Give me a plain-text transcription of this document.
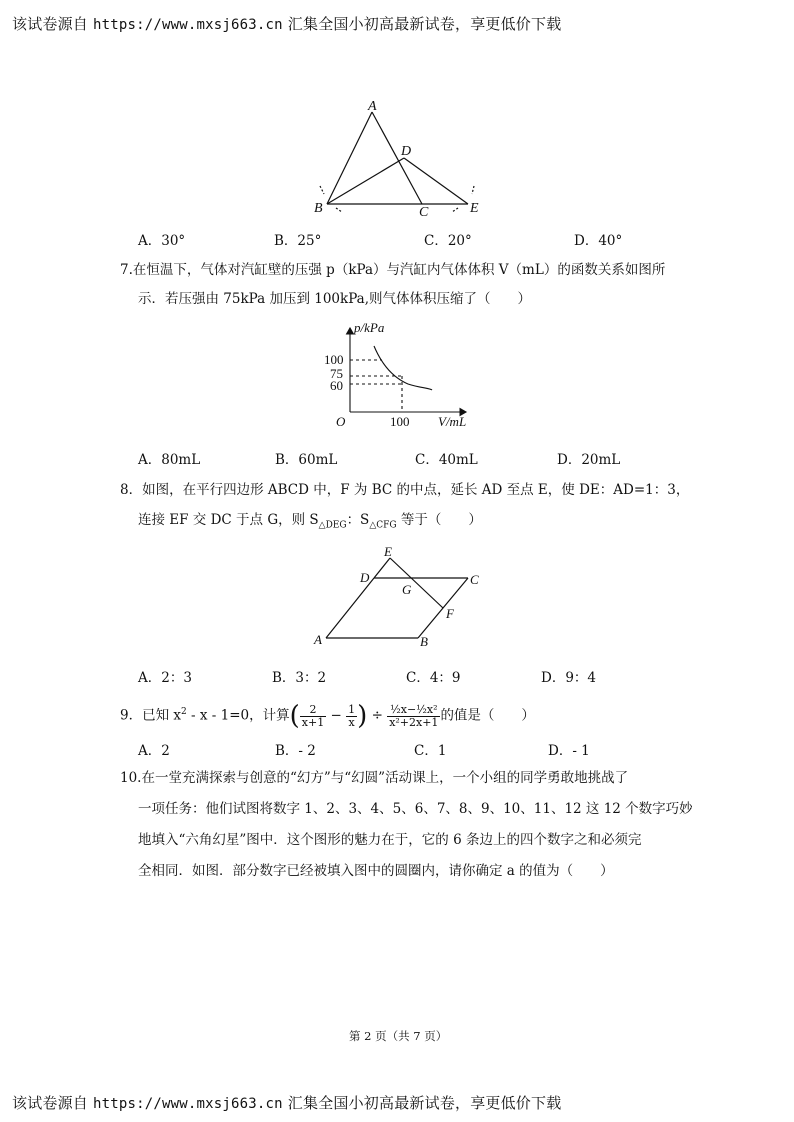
该试卷源自 https://www.mxsj663.cn 汇集全国小初高最新试卷，享更低价下载
A
D
B	C	E
A．30°	B．25°	C．20°	D．40°
7.在恒温下，气体对汽缸壁的压强 p（kPa）与汽缸内气体体积 V（mL）的函数关系如图所
示．若压强由 75kPa 加压到 100kPa,则气体体积压缩了（　　）
p/kPa
V/mL
O
100
75
60
100
A．80mL	B．60mL	C．40mL	D．20mL
8．如图，在平行四边形 ABCD 中，F 为 BC 的中点，延长 AD 至点 E，使 DE：AD=1：3，
连接 EF 交 DC 于点 G，则 $S_{\triangle DEG}$：$S_{\triangle CFG}$ 等于（　　）
E
D
G
C
F
A	B
A．2：3	B．3：2	C．4：9	D．9：4
9．已知 $x^2 - x - 1=0$，计算( $\frac{2}{x+1} - \frac{1}{x}$ ) ÷ $\frac{\text{½x−½x²}}{\text{x²+2x+1}}$ 的值是（　　）
A．2	B．- 2	C．1	D．- 1
10.在一堂充满探索与创意的“幻方”与“幻圆”活动课上，一个小组的同学勇敢地挑战了
一项任务：他们试图将数字 1、2、3、4、5、6、7、8、9、10、11、12 这 12 个数字巧妙
地填入“六角幻星”图中．这个图形的魅力在于，它的 6 条边上的四个数字之和必须完
全相同．如图．部分数字已经被填入图中的圆圈内，请你确定 a 的值为（　　）
第 2 页（共 7 页）
该试卷源自 https://www.mxsj663.cn 汇集全国小初高最新试卷，享更低价下载
